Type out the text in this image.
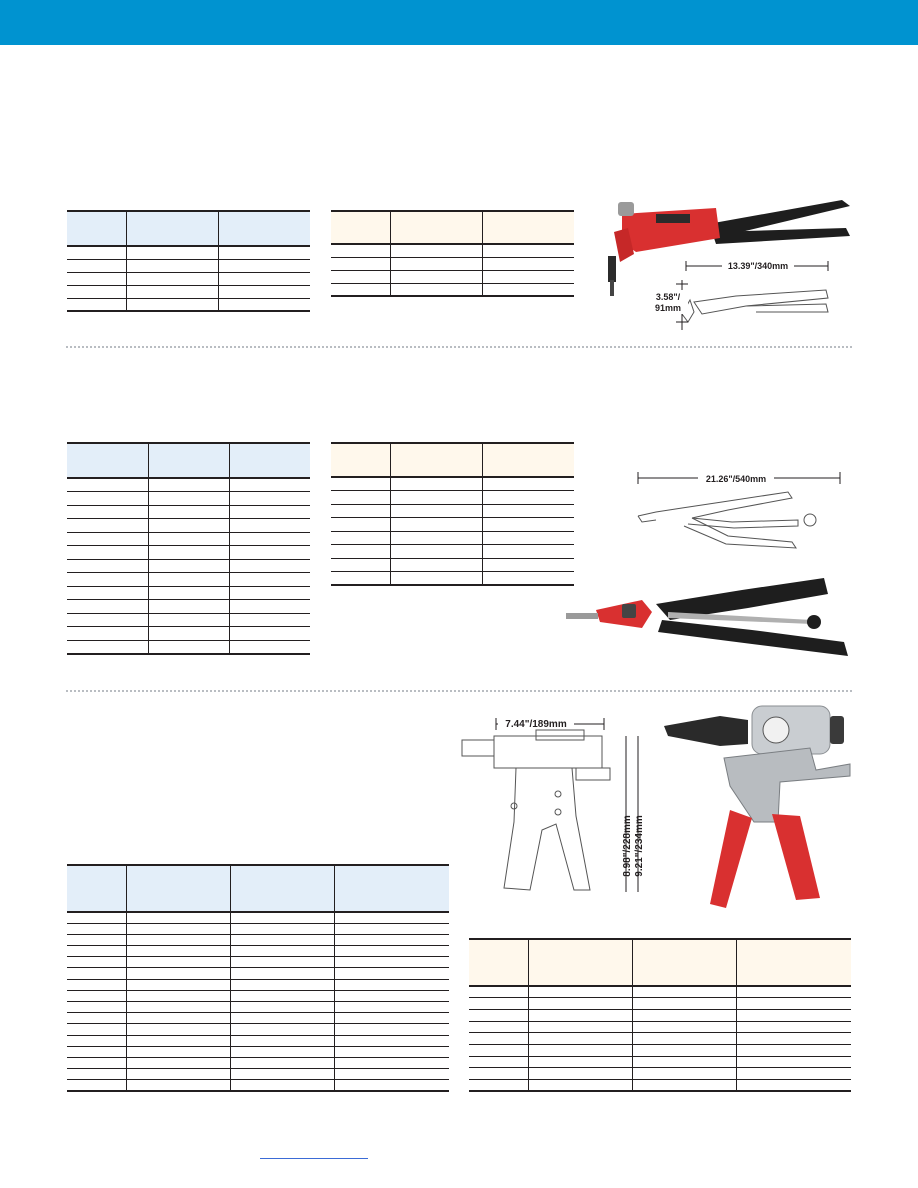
13.39"/340mm
3.58"/
91mm

21.26"/540mm
7.44"/189mm
8.98"/228mm 9.21"/234mm
